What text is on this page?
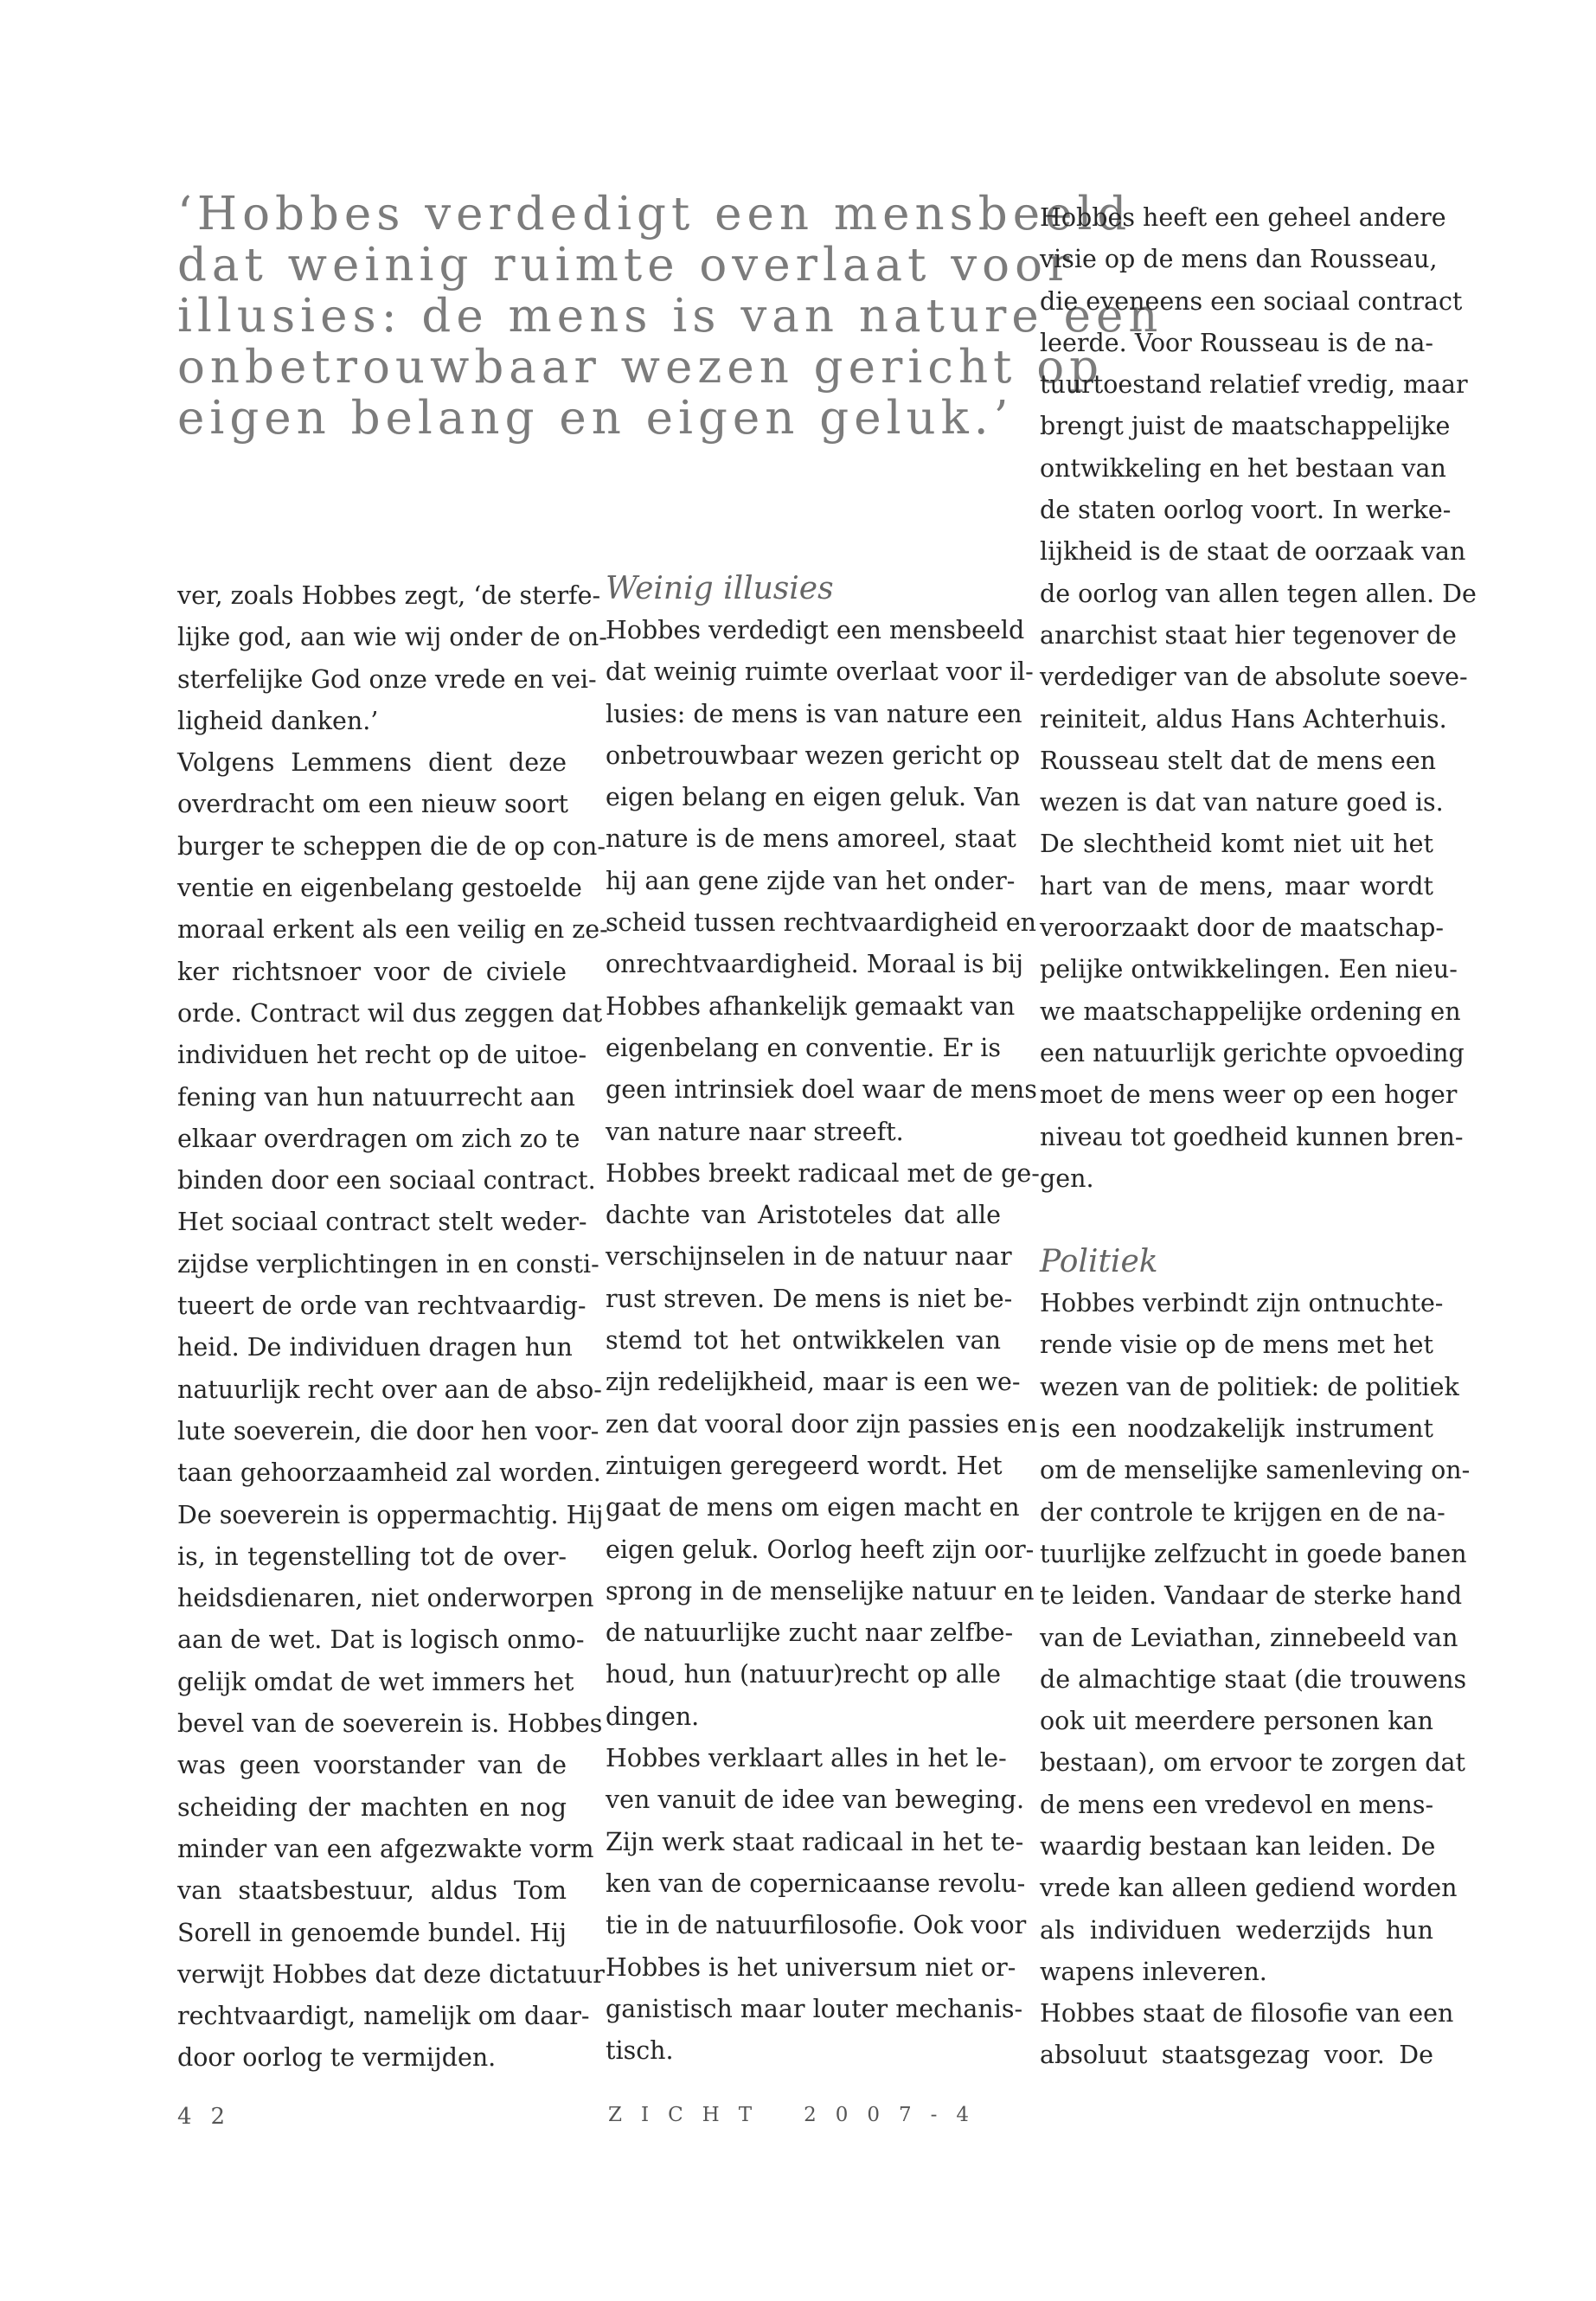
‘Hobbes verdedigt een mensbeeld
dat weinig ruimte overlaat voor
illusies: de mens is van nature een
onbetrouwbaar wezen gericht op
eigen belang en eigen geluk.’
ver, zoals Hobbes zegt, ‘de sterfe-
lijke god, aan wie wij onder de on-
sterfelijke God onze vrede en vei-
ligheid danken.’
Volgens Lemmens dient deze
overdracht om een nieuw soort
burger te scheppen die de op con-
ventie en eigenbelang gestoelde
moraal erkent als een veilig en ze-
ker richtsnoer voor de civiele
orde. Contract wil dus zeggen dat
individuen het recht op de uitoe-
fening van hun natuurrecht aan
elkaar overdragen om zich zo te
binden door een sociaal contract.
Het sociaal contract stelt weder-
zijdse verplichtingen in en consti-
tueert de orde van rechtvaardig-
heid. De individuen dragen hun
natuurlijk recht over aan de abso-
lute soeverein, die door hen voor-
taan gehoorzaamheid zal worden.
De soeverein is oppermachtig. Hij
is, in tegenstelling tot de over-
heidsdienaren, niet onderworpen
aan de wet. Dat is logisch onmo-
gelijk omdat de wet immers het
bevel van de soeverein is. Hobbes
was geen voorstander van de
scheiding der machten en nog
minder van een afgezwakte vorm
van staatsbestuur, aldus Tom
Sorell in genoemde bundel. Hij
verwijt Hobbes dat deze dictatuur
rechtvaardigt, namelijk om daar-
door oorlog te vermijden.
Weinig illusies
Hobbes verdedigt een mensbeeld
dat weinig ruimte overlaat voor il-
lusies: de mens is van nature een
onbetrouwbaar wezen gericht op
eigen belang en eigen geluk. Van
nature is de mens amoreel, staat
hij aan gene zijde van het onder-
scheid tussen rechtvaardigheid en
onrechtvaardigheid. Moraal is bij
Hobbes afhankelijk gemaakt van
eigenbelang en conventie. Er is
geen intrinsiek doel waar de mens
van nature naar streeft.
Hobbes breekt radicaal met de ge-
dachte van Aristoteles dat alle
verschijnselen in de natuur naar
rust streven. De mens is niet be-
stemd tot het ontwikkelen van
zijn redelijkheid, maar is een we-
zen dat vooral door zijn passies en
zintuigen geregeerd wordt. Het
gaat de mens om eigen macht en
eigen geluk. Oorlog heeft zijn oor-
sprong in de menselijke natuur en
de natuurlijke zucht naar zelfbe-
houd, hun (natuur)recht op alle
dingen.
Hobbes verklaart alles in het le-
ven vanuit de idee van beweging.
Zijn werk staat radicaal in het te-
ken van de copernicaanse revolu-
tie in de natuurfilosofie. Ook voor
Hobbes is het universum niet or-
ganistisch maar louter mechanis-
tisch.
Hobbes heeft een geheel andere
visie op de mens dan Rousseau,
die eveneens een sociaal contract
leerde. Voor Rousseau is de na-
tuurtoestand relatief vredig, maar
brengt juist de maatschappelijke
ontwikkeling en het bestaan van
de staten oorlog voort. In werke-
lijkheid is de staat de oorzaak van
de oorlog van allen tegen allen. De
anarchist staat hier tegenover de
verdediger van de absolute soeve-
reiniteit, aldus Hans Achterhuis.
Rousseau stelt dat de mens een
wezen is dat van nature goed is.
De slechtheid komt niet uit het
hart van de mens, maar wordt
veroorzaakt door de maatschap-
pelijke ontwikkelingen. Een nieu-
we maatschappelijke ordening en
een natuurlijk gerichte opvoeding
moet de mens weer op een hoger
niveau tot goedheid kunnen bren-
gen.
Politiek
Hobbes verbindt zijn ontnuchte-
rende visie op de mens met het
wezen van de politiek: de politiek
is een noodzakelijk instrument
om de menselijke samenleving on-
der controle te krijgen en de na-
tuurlijke zelfzucht in goede banen
te leiden. Vandaar de sterke hand
van de Leviathan, zinnebeeld van
de almachtige staat (die trouwens
ook uit meerdere personen kan
bestaan), om ervoor te zorgen dat
de mens een vredevol en mens-
waardig bestaan kan leiden. De
vrede kan alleen gediend worden
als individuen wederzijds hun
wapens inleveren.
Hobbes staat de filosofie van een
absoluut staatsgezag voor. De
42	ZICHT 2007-4
